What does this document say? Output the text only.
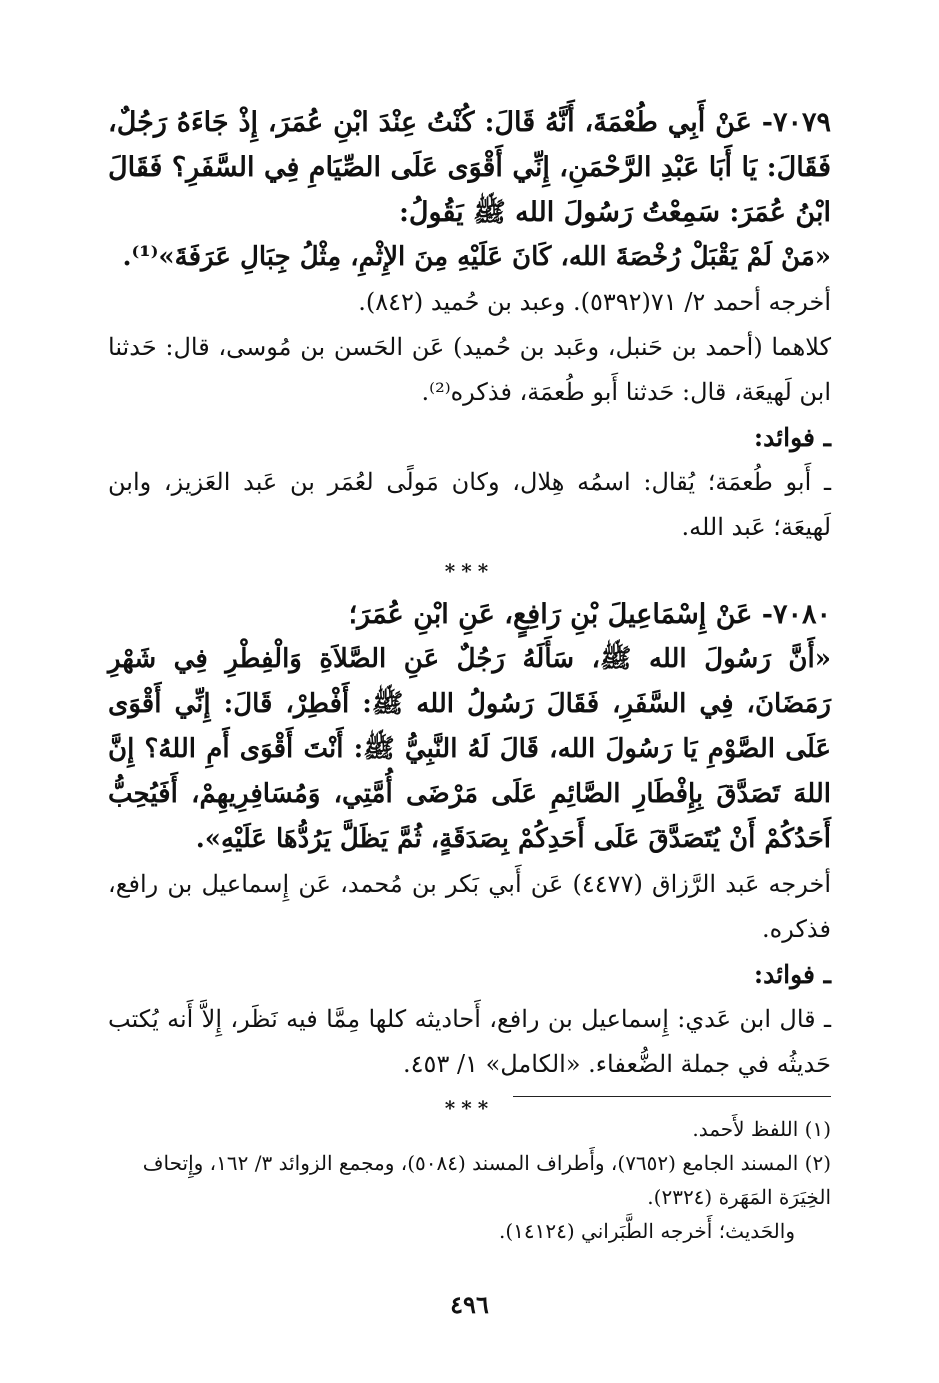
٧٠٧٩- عَنْ أَبِي طُعْمَةَ، أَنَّهُ قَالَ: كُنْتُ عِنْدَ ابْنِ عُمَرَ، إِذْ جَاءَهُ رَجُلٌ، فَقَالَ: يَا أَبَا عَبْدِ الرَّحْمَنِ، إِنِّي أَقْوَى عَلَى الصِّيَامِ فِي السَّفَرِ؟ فَقَالَ ابْنُ عُمَرَ: سَمِعْتُ رَسُولَ الله ﷺ يَقُولُ:

«مَنْ لَمْ يَقْبَلْ رُخْصَةَ الله، كَانَ عَلَيْهِ مِنَ الإِثْمِ، مِثْلُ جِبَالِ عَرَفَةَ»⁽¹⁾.

أخرجه أحمد ٢/ ٧١(٥٣٩٢). وعبد بن حُميد (٨٤٢).

كلاهما (أحمد بن حَنبل، وعَبد بن حُميد) عَن الحَسن بن مُوسى، قال: حَدثنا ابن لَهيعَة، قال: حَدثنا أَبو طُعمَة، فذكره⁽²⁾.

ـ فوائد:

ـ أَبو طُعمَة؛ يُقال: اسمُه هِلال، وكان مَولًى لعُمَر بن عَبد العَزيز، وابن لَهيعَة؛ عَبد الله.

***

٧٠٨٠- عَنْ إِسْمَاعِيلَ بْنِ رَافِعٍ، عَنِ ابْنِ عُمَرَ؛

«أَنَّ رَسُولَ الله ﷺ، سَأَلَهُ رَجُلٌ عَنِ الصَّلاَةِ وَالْفِطْرِ فِي شَهْرِ رَمَضَانَ، فِي السَّفَرِ، فَقَالَ رَسُولُ الله ﷺ: أَفْطِرْ، قَالَ: إِنِّي أَقْوَى عَلَى الصَّوْمِ يَا رَسُولَ الله، قَالَ لَهُ النَّبِيُّ ﷺ: أَنْتَ أَقْوَى أَمِ اللهُ؟ إِنَّ اللهَ تَصَدَّقَ بِإِفْطَارِ الصَّائِمِ عَلَى مَرْضَى أُمَّتِي، وَمُسَافِرِيهِمْ، أَفَيُحِبُّ أَحَدُكُمْ أَنْ يُتَصَدَّقَ عَلَى أَحَدِكُمْ بِصَدَقَةٍ، ثُمَّ يَظَلَّ يَرُدُّهَا عَلَيْهِ».

أخرجه عَبد الرَّزاق (٤٤٧٧) عَن أَبي بَكر بن مُحمد، عَن إِسماعيل بن رافع، فذكره.

ـ فوائد:

ـ قال ابن عَدي: إِسماعيل بن رافع، أَحاديثه كلها مِمَّا فيه نَظَر، إِلاَّ أَنه يُكتب حَديثُه في جملة الضُّعفاء. «الكامل» ١/ ٤٥٣.

***

(١) اللفظ لأَحمد.

(٢) المسند الجامع (٧٦٥٢)، وأَطراف المسند (٥٠٨٤)، ومجمع الزوائد ٣/ ١٦٢، وإِتحاف الخِيَرَة المَهَرة (٢٣٢٤).

والحَديث؛ أَخرجه الطَّبَراني (١٤١٢٤).

٤٩٦
